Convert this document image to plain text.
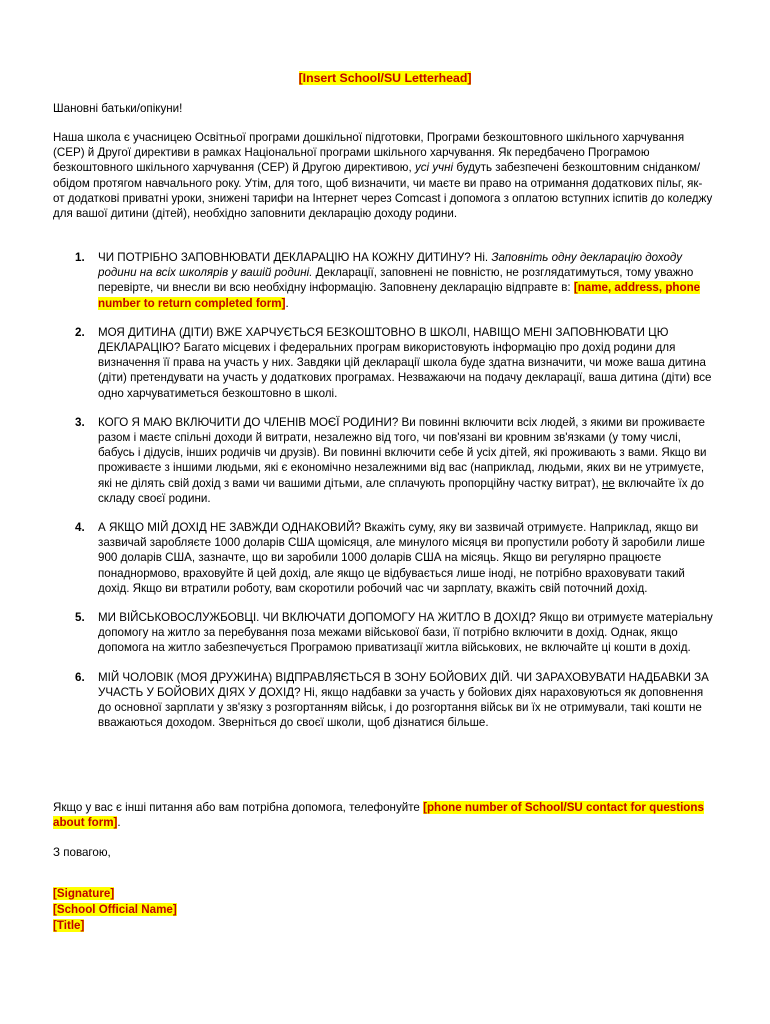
[Insert School/SU Letterhead]
Шановні батьки/опікуни!
Наша школа є учасницею Освітньої програми дошкільної підготовки, Програми безкоштовного шкільного харчування (CEP) й Другої директиви в рамках Національної програми шкільного харчування. Як передбачено Програмою безкоштовного шкільного харчування (CEP) й Другою директивою, усі учні будуть забезпечені безкоштовним сніданком/обідом протягом навчального року. Утім, для того, щоб визначити, чи маєте ви право на отримання додаткових пільг, як-от додаткові приватні уроки, знижені тарифи на Інтернет через Comcast і допомога з оплатою вступних іспитів до коледжу для вашої дитини (дітей), необхідно заповнити декларацію доходу родини.
1. ЧИ ПОТРІБНО ЗАПОВНЮВАТИ ДЕКЛАРАЦІЮ НА КОЖНУ ДИТИНУ? Ні. Заповніть одну декларацію доходу родини на всіх школярів у вашій родині. Декларації, заповнені не повністю, не розглядатимуться, тому уважно перевірте, чи внесли ви всю необхідну інформацію. Заповнену декларацію відправте в: [name, address, phone number to return completed form].
2. МОЯ ДИТИНА (ДІТИ) ВЖЕ ХАРЧУЄТЬСЯ БЕЗКОШТОВНО В ШКОЛІ, НАВІЩО МЕНІ ЗАПОВНЮВАТИ ЦЮ ДЕКЛАРАЦІЮ? Багато місцевих і федеральних програм використовують інформацію про дохід родини для визначення її права на участь у них. Завдяки цій декларації школа буде здатна визначити, чи може ваша дитина (діти) претендувати на участь у додаткових програмах. Незважаючи на подачу декларації, ваша дитина (діти) все одно харчуватиметься безкоштовно в школі.
3. КОГО Я МАЮ ВКЛЮЧИТИ ДО ЧЛЕНІВ МОЄЇ РОДИНИ? Ви повинні включити всіх людей, з якими ви проживаєте разом і маєте спільні доходи й витрати, незалежно від того, чи пов'язані ви кровним зв'язками (у тому числі, бабусь і дідусів, інших родичів чи друзів). Ви повинні включити себе й усіх дітей, які проживають з вами. Якщо ви проживаєте з іншими людьми, які є економічно незалежними від вас (наприклад, людьми, яких ви не утримуєте, які не ділять свій дохід з вами чи вашими дітьми, але сплачують пропорційну частку витрат), не включайте їх до складу своєї родини.
4. А ЯКЩО МІЙ ДОХІД НЕ ЗАВЖДИ ОДНАКОВИЙ? Вкажіть суму, яку ви зазвичай отримуєте. Наприклад, якщо ви зазвичай заробляєте 1000 доларів США щомісяця, але минулого місяця ви пропустили роботу й заробили лише 900 доларів США, зазначте, що ви заробили 1000 доларів США на місяць. Якщо ви регулярно працюєте понаднормово, враховуйте й цей дохід, але якщо це відбувається лише іноді, не потрібно враховувати такий дохід. Якщо ви втратили роботу, вам скоротили робочий час чи зарплату, вкажіть свій поточний дохід.
5. МИ ВІЙСЬКОВОСЛУЖБОВЦІ. ЧИ ВКЛЮЧАТИ ДОПОМОГУ НА ЖИТЛО В ДОХІД? Якщо ви отримуєте матеріальну допомогу на житло за перебування поза межами військової бази, її потрібно включити в дохід. Однак, якщо допомога на житло забезпечується Програмою приватизації житла військових, не включайте ці кошти в дохід.
6. МІЙ ЧОЛОВІК (МОЯ ДРУЖИНА) ВІДПРАВЛЯЄТЬСЯ В ЗОНУ БОЙОВИХ ДІЙ. ЧИ ЗАРАХОВУВАТИ НАДБАВКИ ЗА УЧАСТЬ У БОЙОВИХ ДІЯХ У ДОХІД? Ні, якщо надбавки за участь у бойових діях нараховуються як доповнення до основної зарплати у зв'язку з розгортанням військ, і до розгортання військ ви їх не отримували, такі кошти не вважаються доходом. Зверніться до своєї школи, щоб дізнатися більше.
Якщо у вас є інші питання або вам потрібна допомога, телефонуйте [phone number of School/SU contact for questions about form].
З повагою,
[Signature]
[School Official Name]
[Title]
